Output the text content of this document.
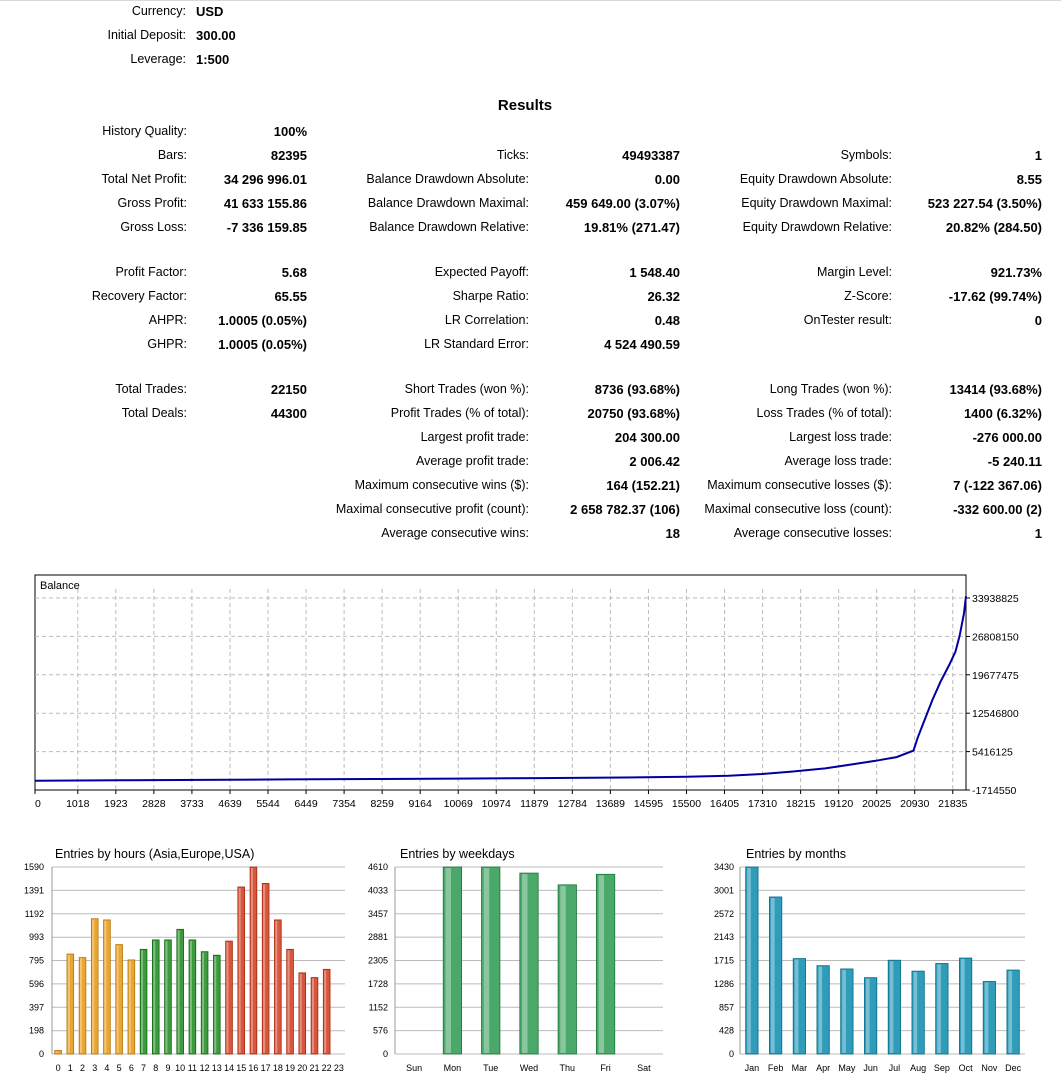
Currency: USD
Initial Deposit: 300.00
Leverage: 1:500
Results
History Quality:	100%
Bars:	82395
Total Net Profit:	34 296 996.01
Gross Profit:	41 633 155.86
Gross Loss:	-7 336 159.85
Profit Factor:	5.68
Recovery Factor:	65.55
AHPR: 1.0005 (0.05%)
GHPR: 1.0005 (0.05%)
Total Trades:	22150
Total Deals:	44300
Ticks:	49493387
Balance Drawdown Absolute:	0.00
Balance Drawdown Maximal:	459 649.00 (3.07%)
Balance Drawdown Relative:	19.81% (271.47)
Expected Payoff:	1 548.40
Sharpe Ratio:	26.32
LR Correlation:	0.48
LR Standard Error:	4 524 490.59
Short Trades (won %):	8736 (93.68%)
Profit Trades (% of total):	20750 (93.68%)
Largest profit trade:	204 300.00
Average profit trade:	2 006.42
Maximum consecutive wins ($):	164 (152.21)
Maximal consecutive profit (count):	2 658 782.37 (106)
Average consecutive wins:	18
Symbols:	1
Equity Drawdown Absolute:	8.55
Equity Drawdown Maximal:	523 227.54 (3.50%)
Equity Drawdown Relative:	20.82% (284.50)
Margin Level:	921.73%
Z-Score:	-17.62 (99.74%)
OnTester result:	0
Long Trades (won %):	13414 (93.68%)
Loss Trades (% of total):	1400 (6.32%)
Largest loss trade:	-276 000.00
Average loss trade:	-5 240.11
Maximum consecutive losses ($):	7 (-122 367.06)
Maximal consecutive loss (count):	-332 600.00 (2)
Average consecutive losses:	1
Balance
-1714550
5416125
12546800
19677475
26808150
33938825
0 1018 1923 2828 3733 4639 5544 6449 7354 8259 9164 10069 10974 11879 12784 13689 14595 15500 16405 17310 18215 19120 20025 20930 21835
Entries by hours (Asia,Europe,USA)
0
198
397
596
795
993
1192
1391
1590
0 1 2 3 4 5 6 7 8 9 10 11 12 13 14 15 16 17 18 19 20 21 22 23
Entries by weekdays
0
576
1152
1728
2305
2881
3457
4033
4610
Sun Mon Tue Wed Thu	Fri	Sat
Entries by months
0
428
857
1286
1715
2143
2572
3001
3430
Jan Feb Mar Apr May Jun Jul Aug Sep Oct Nov Dec
